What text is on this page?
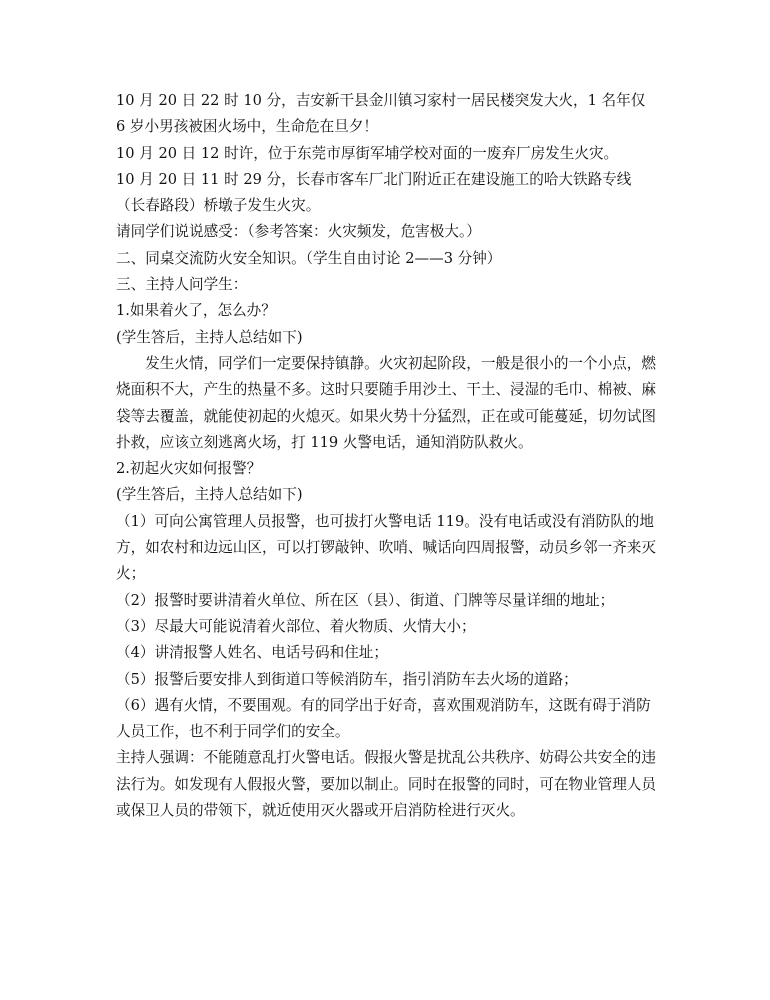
10 月 20 日 22 时 10 分，吉安新干县金川镇习家村一居民楼突发大火，1 名年仅 6 岁小男孩被困火场中，生命危在旦夕！

10 月 20 日 12 时许，位于东莞市厚街军埔学校对面的一废弃厂房发生火灾。

10 月 20 日 11 时 29 分，长春市客车厂北门附近正在建设施工的哈大铁路专线（长春路段）桥墩子发生火灾。

请同学们说说感受：（参考答案：火灾频发，危害极大。）

二、同桌交流防火安全知识。（学生自由讨论 2——3 分钟）

三、主持人问学生：

1.如果着火了，怎么办？

(学生答后，主持人总结如下)

发生火情，同学们一定要保持镇静。火灾初起阶段，一般是很小的一个小点，燃烧面积不大，产生的热量不多。这时只要随手用沙土、干土、浸湿的毛巾、棉被、麻袋等去覆盖，就能使初起的火熄灭。如果火势十分猛烈，正在或可能蔓延，切勿试图扑救，应该立刻逃离火场，打 119 火警电话，通知消防队救火。

2.初起火灾如何报警？

(学生答后，主持人总结如下)

（1）可向公寓管理人员报警，也可拔打火警电话 119。没有电话或没有消防队的地方，如农村和边远山区，可以打锣敲钟、吹哨、喊话向四周报警，动员乡邻一齐来灭火；

（2）报警时要讲清着火单位、所在区（县）、街道、门牌等尽量详细的地址；

（3）尽最大可能说清着火部位、着火物质、火情大小；

（4）讲清报警人姓名、电话号码和住址；

（5）报警后要安排人到街道口等候消防车，指引消防车去火场的道路；

（6）遇有火情，不要围观。有的同学出于好奇，喜欢围观消防车，这既有碍于消防人员工作，也不利于同学们的安全。

主持人强调：不能随意乱打火警电话。假报火警是扰乱公共秩序、妨碍公共安全的违法行为。如发现有人假报火警，要加以制止。同时在报警的同时，可在物业管理人员或保卫人员的带领下，就近使用灭火器或开启消防栓进行灭火。
